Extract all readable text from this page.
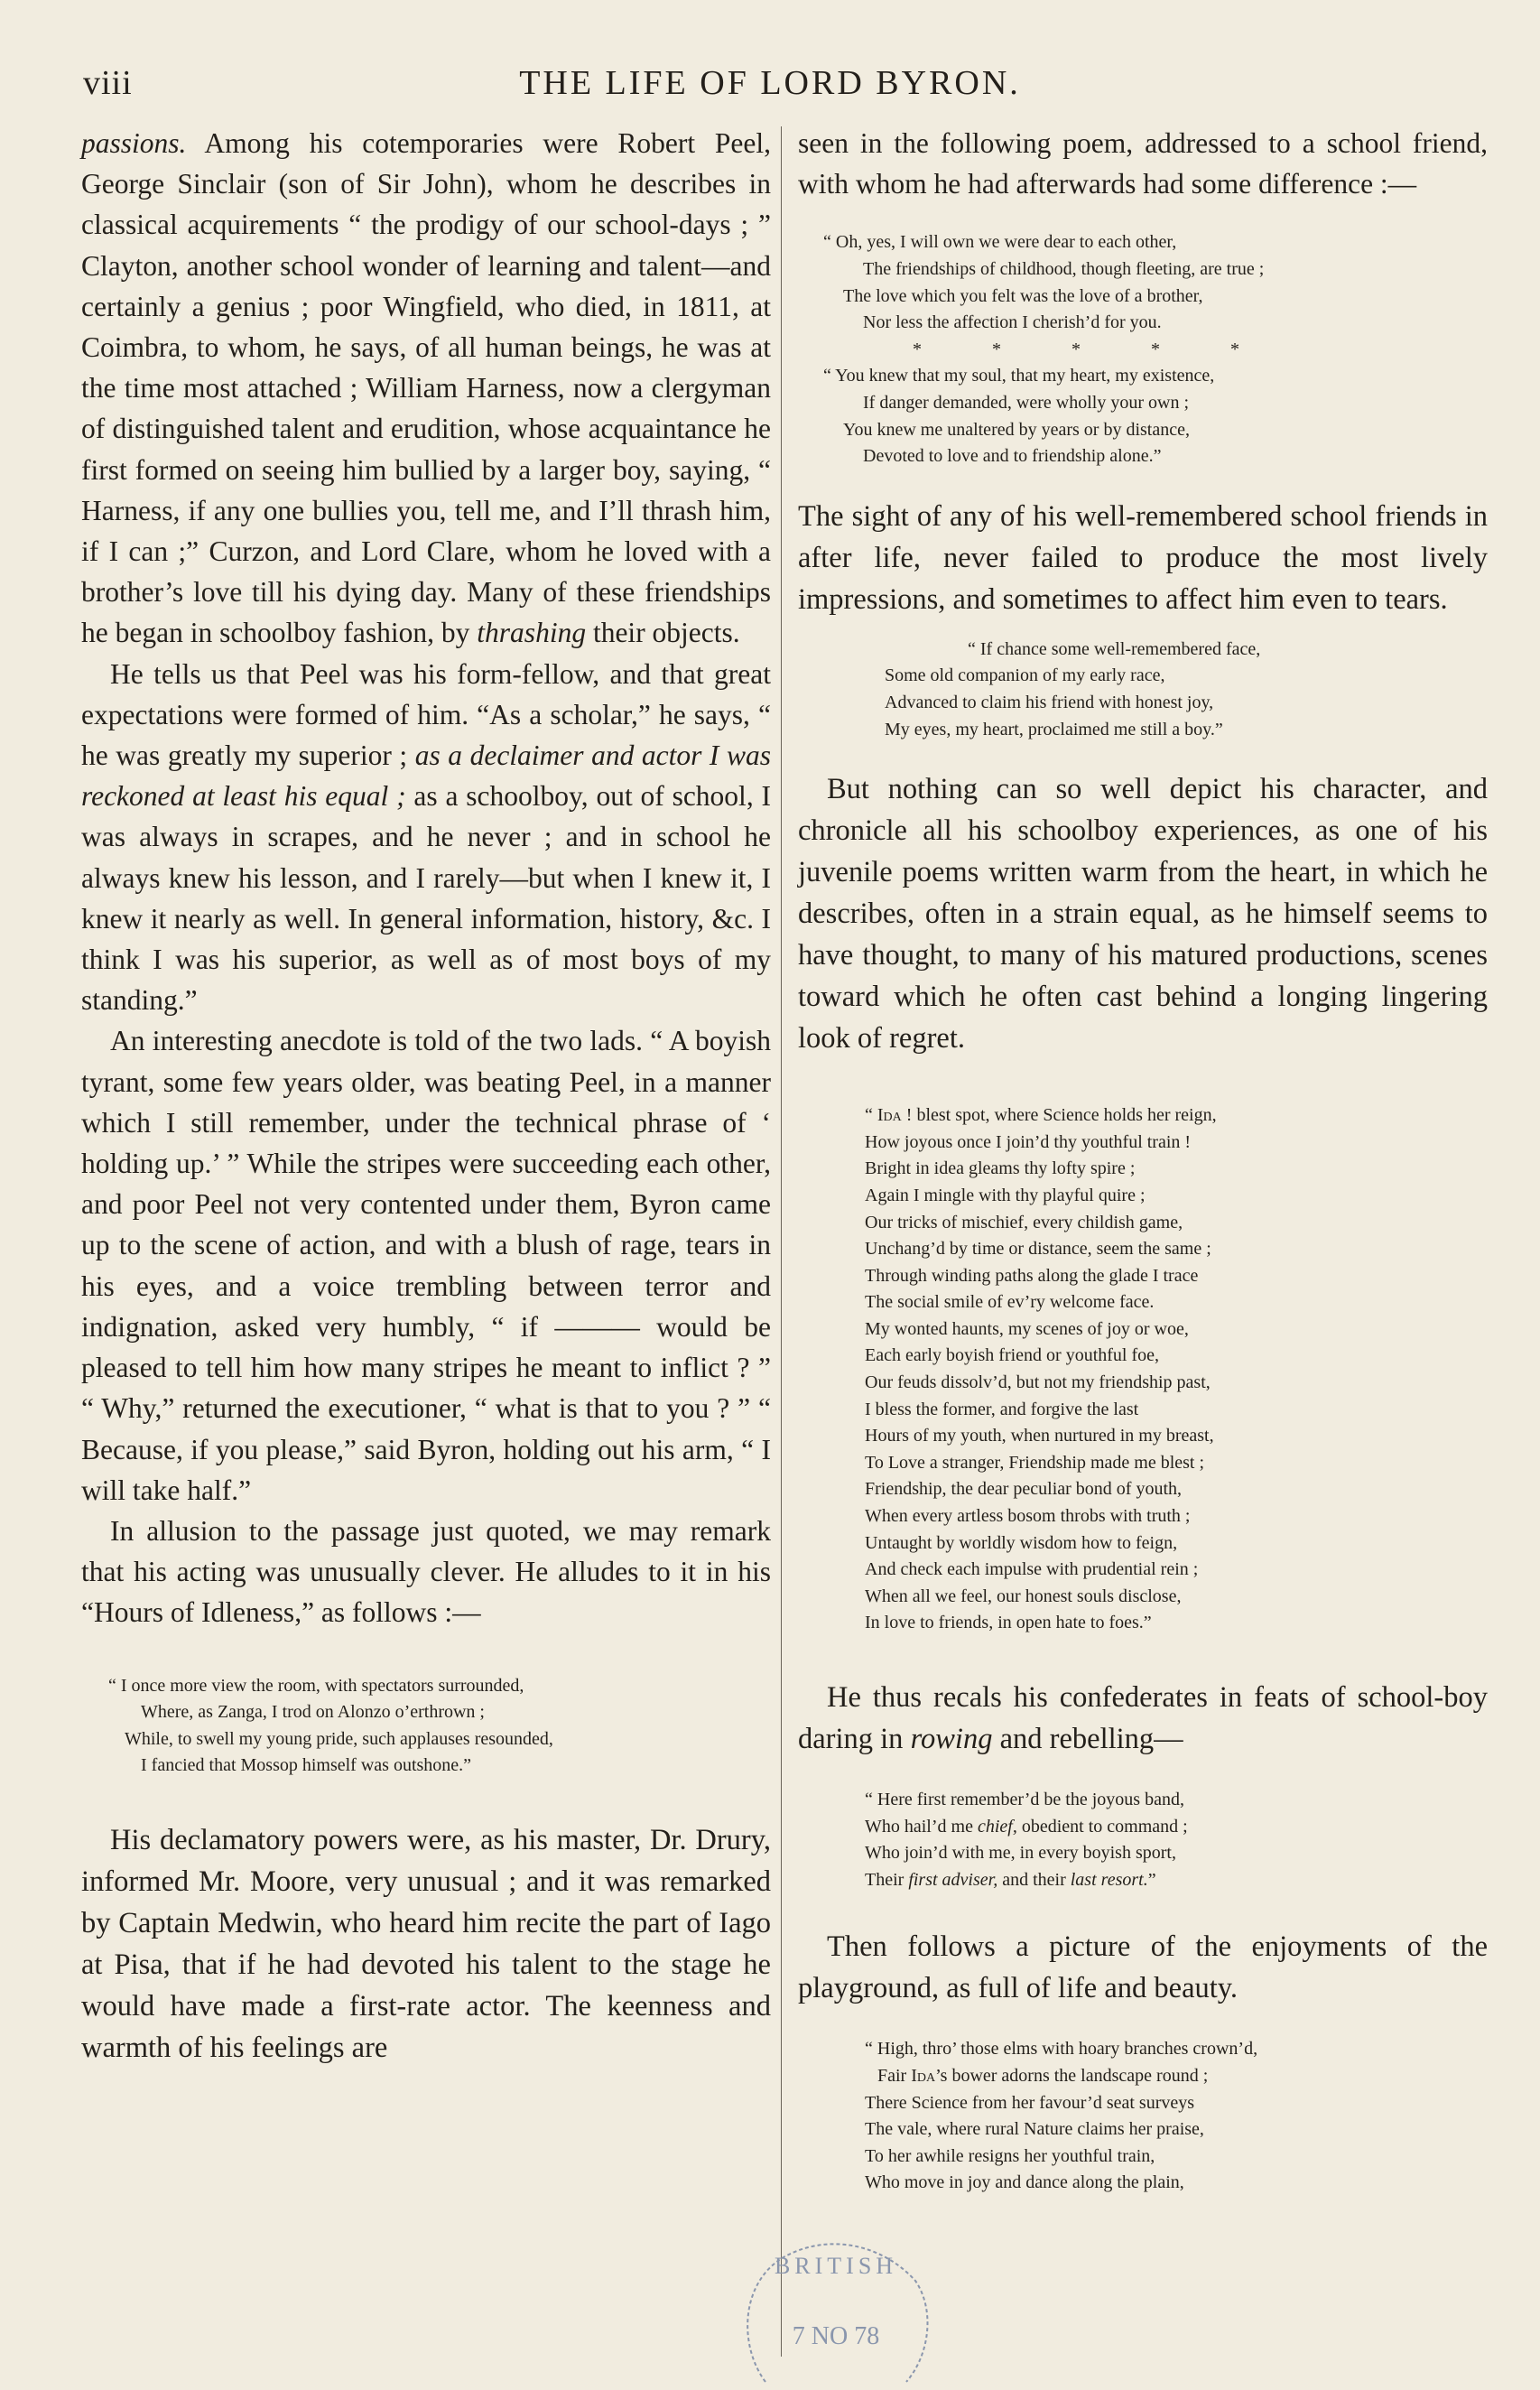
viii	THE LIFE OF LORD BYRON.

passions. Among his cotemporaries were Robert Peel, George Sinclair (son of Sir John), whom he describes in classical acquirements “ the prodigy of our school-days ; ” Clayton, another school wonder of learning and talent—and certainly a genius ; poor Wingfield, who died, in 1811, at Coimbra, to whom, he says, of all human beings, he was at the time most attached ; William Harness, now a clergyman of distinguished talent and erudition, whose acquaintance he first formed on seeing him bullied by a larger boy, saying, “ Harness, if any one bullies you, tell me, and I’ll thrash him, if I can ;” Curzon, and Lord Clare, whom he loved with a brother’s love till his dying day. Many of these friendships he began in schoolboy fashion, by thrashing their objects.

He tells us that Peel was his form-fellow, and that great expectations were formed of him. “As a scholar,” he says, “ he was greatly my superior ; as a declaimer and actor I was reckoned at least his equal ; as a schoolboy, out of school, I was always in scrapes, and he never ; and in school he always knew his lesson, and I rarely—but when I knew it, I knew it nearly as well. In general information, history, &c. I think I was his superior, as well as of most boys of my standing.”

An interesting anecdote is told of the two lads. “ A boyish tyrant, some few years older, was beating Peel, in a manner which I still remember, under the technical phrase of ‘ holding up.’ ” While the stripes were succeeding each other, and poor Peel not very contented under them, Byron came up to the scene of action, and with a blush of rage, tears in his eyes, and a voice trembling between terror and indignation, asked very humbly, “ if ——— would be pleased to tell him how many stripes he meant to inflict ? ” “ Why,” returned the executioner, “ what is that to you ? ” “ Because, if you please,” said Byron, holding out his arm, “ I will take half.”

In allusion to the passage just quoted, we may remark that his acting was unusually clever. He alludes to it in his “Hours of Idleness,” as follows :—

“ I once more view the room, with spectators surrounded,
Where, as Zanga, I trod on Alonzo o’erthrown ;
While, to swell my young pride, such applauses resounded,
I fancied that Mossop himself was outshone.”

His declamatory powers were, as his master, Dr. Drury, informed Mr. Moore, very unusual ; and it was remarked by Captain Medwin, who heard him recite the part of Iago at Pisa, that if he had devoted his talent to the stage he would have made a first-rate actor. The keenness and warmth of his feelings are

seen in the following poem, addressed to a school friend, with whom he had afterwards had some difference :—

“ Oh, yes, I will own we were dear to each other,
The friendships of childhood, though fleeting, are true ;
The love which you felt was the love of a brother,
Nor less the affection I cherish’d for you.
*	*	*	*	*
“ You knew that my soul, that my heart, my existence,
If danger demanded, were wholly your own ;
You knew me unaltered by years or by distance,
Devoted to love and to friendship alone.”

The sight of any of his well-remembered school friends in after life, never failed to produce the most lively impressions, and sometimes to affect him even to tears.

“ If chance some well-remembered face,
Some old companion of my early race,
Advanced to claim his friend with honest joy,
My eyes, my heart, proclaimed me still a boy.”

But nothing can so well depict his character, and chronicle all his schoolboy experiences, as one of his juvenile poems written warm from the heart, in which he describes, often in a strain equal, as he himself seems to have thought, to many of his matured productions, scenes toward which he often cast behind a longing lingering look of regret.

“ Ida ! blest spot, where Science holds her reign,
How joyous once I join’d thy youthful train !
Bright in idea gleams thy lofty spire ;
Again I mingle with thy playful quire ;
Our tricks of mischief, every childish game,
Unchang’d by time or distance, seem the same ;
Through winding paths along the glade I trace
The social smile of ev’ry welcome face.
My wonted haunts, my scenes of joy or woe,
Each early boyish friend or youthful foe,
Our feuds dissolv’d, but not my friendship past,
I bless the former, and forgive the last
Hours of my youth, when nurtured in my breast,
To Love a stranger, Friendship made me blest ;
Friendship, the dear peculiar bond of youth,
When every artless bosom throbs with truth ;
Untaught by worldly wisdom how to feign,
And check each impulse with prudential rein ;
When all we feel, our honest souls disclose,
In love to friends, in open hate to foes.”

He thus recals his confederates in feats of school-boy daring in rowing and rebelling—

“ Here first remember’d be the joyous band,
Who hail’d me chief, obedient to command ;
Who join’d with me, in every boyish sport,
Their first adviser, and their last resort.”

Then follows a picture of the enjoyments of the playground, as full of life and beauty.

“ High, thro’ those elms with hoary branches crown’d,
Fair Ida’s bower adorns the landscape round ;
There Science from her favour’d seat surveys
The vale, where rural Nature claims her praise,
To her awhile resigns her youthful train,
Who move in joy and dance along the plain,
BRITISH
7 NO 78
